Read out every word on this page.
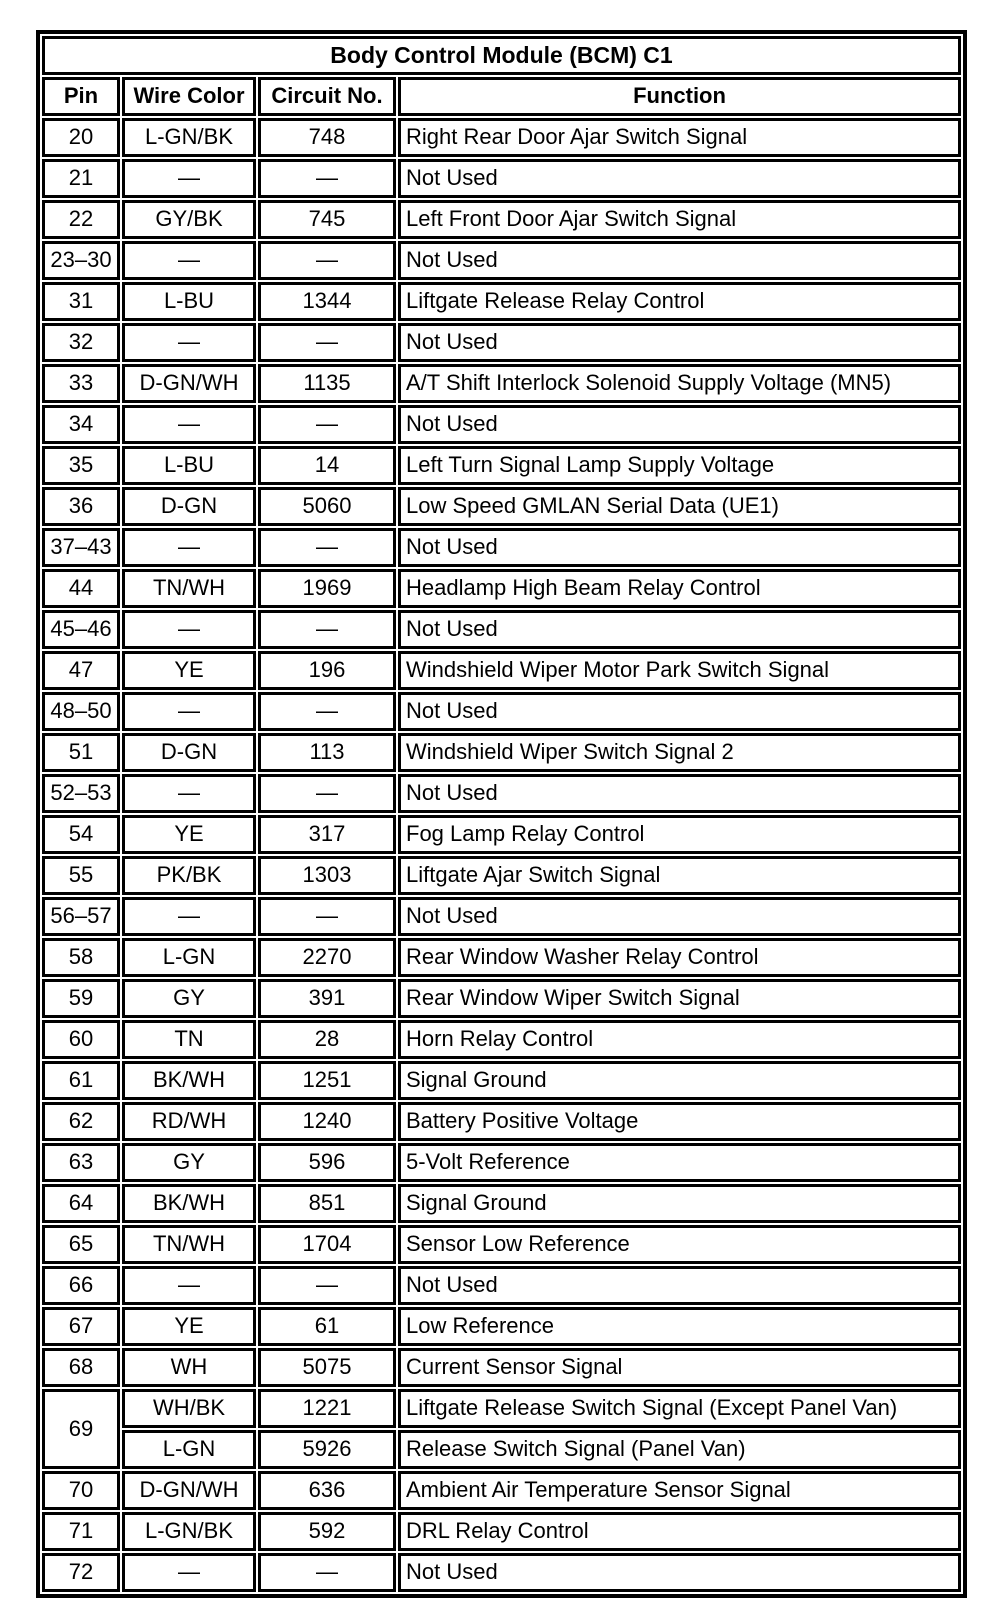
Body Control Module (BCM) C1			
Pin	Wire Color	Circuit No.	Function
20	L-GN/BK	748	Right Rear Door Ajar Switch Signal
21	—	—	Not Used
22	GY/BK	745	Left Front Door Ajar Switch Signal
23–30	—	—	Not Used
31	L-BU	1344	Liftgate Release Relay Control
32	—	—	Not Used
33	D-GN/WH	1135	A/T Shift Interlock Solenoid Supply Voltage (MN5)
34	—	—	Not Used
35	L-BU	14	Left Turn Signal Lamp Supply Voltage
36	D-GN	5060	Low Speed GMLAN Serial Data (UE1)
37–43	—	—	Not Used
44	TN/WH	1969	Headlamp High Beam Relay Control
45–46	—	—	Not Used
47	YE	196	Windshield Wiper Motor Park Switch Signal
48–50	—	—	Not Used
51	D-GN	113	Windshield Wiper Switch Signal 2
52–53	—	—	Not Used
54	YE	317	Fog Lamp Relay Control
55	PK/BK	1303	Liftgate Ajar Switch Signal
56–57	—	—	Not Used
58	L-GN	2270	Rear Window Washer Relay Control
59	GY	391	Rear Window Wiper Switch Signal
60	TN	28	Horn Relay Control
61	BK/WH	1251	Signal Ground
62	RD/WH	1240	Battery Positive Voltage
63	GY	596	5-Volt Reference
64	BK/WH	851	Signal Ground
65	TN/WH	1704	Sensor Low Reference
66	—	—	Not Used
67	YE	61	Low Reference
68	WH	5075	Current Sensor Signal
69	WH/BK	1221	Liftgate Release Switch Signal (Except Panel Van)
	L-GN	5926	Release Switch Signal (Panel Van)
70	D-GN/WH	636	Ambient Air Temperature Sensor Signal
71	L-GN/BK	592	DRL Relay Control
72	—	—	Not Used
